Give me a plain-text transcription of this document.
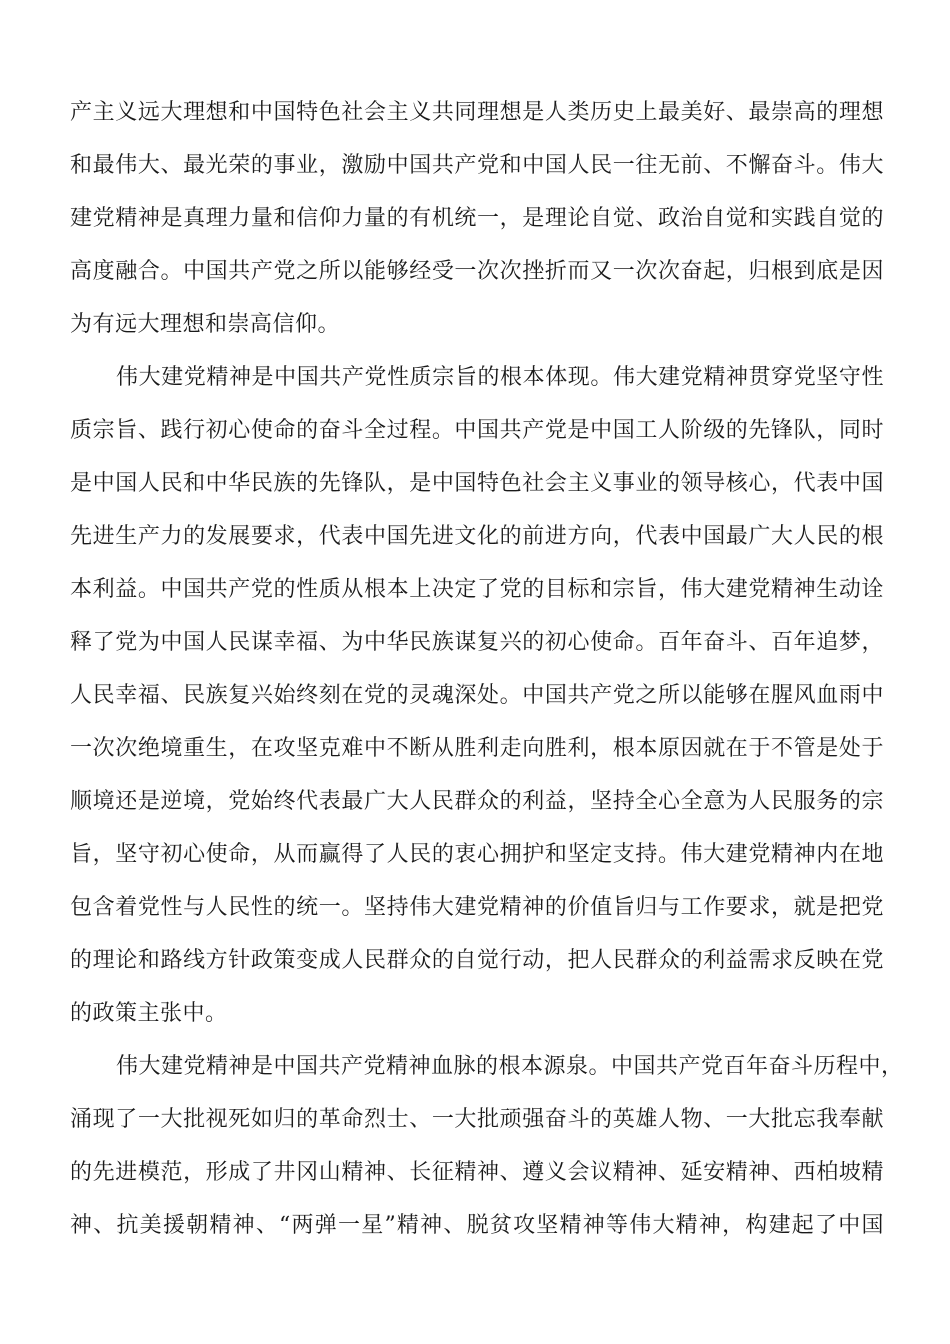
产主义远大理想和中国特色社会主义共同理想是人类历史上最美好、最崇高的理想
和最伟大、最光荣的事业，激励中国共产党和中国人民一往无前、不懈奋斗。伟大
建党精神是真理力量和信仰力量的有机统一，是理论自觉、政治自觉和实践自觉的
高度融合。中国共产党之所以能够经受一次次挫折而又一次次奋起，归根到底是因
为有远大理想和崇高信仰。
伟大建党精神是中国共产党性质宗旨的根本体现。伟大建党精神贯穿党坚守性
质宗旨、践行初心使命的奋斗全过程。中国共产党是中国工人阶级的先锋队，同时
是中国人民和中华民族的先锋队，是中国特色社会主义事业的领导核心，代表中国
先进生产力的发展要求，代表中国先进文化的前进方向，代表中国最广大人民的根
本利益。中国共产党的性质从根本上决定了党的目标和宗旨，伟大建党精神生动诠
释了党为中国人民谋幸福、为中华民族谋复兴的初心使命。百年奋斗、百年追梦，
人民幸福、民族复兴始终刻在党的灵魂深处。中国共产党之所以能够在腥风血雨中
一次次绝境重生，在攻坚克难中不断从胜利走向胜利，根本原因就在于不管是处于
顺境还是逆境，党始终代表最广大人民群众的利益，坚持全心全意为人民服务的宗
旨，坚守初心使命，从而赢得了人民的衷心拥护和坚定支持。伟大建党精神内在地
包含着党性与人民性的统一。坚持伟大建党精神的价值旨归与工作要求，就是把党
的理论和路线方针政策变成人民群众的自觉行动，把人民群众的利益需求反映在党
的政策主张中。
伟大建党精神是中国共产党精神血脉的根本源泉。中国共产党百年奋斗历程中，
涌现了一大批视死如归的革命烈士、一大批顽强奋斗的英雄人物、一大批忘我奉献
的先进模范，形成了井冈山精神、长征精神、遵义会议精神、延安精神、西柏坡精
神、抗美援朝精神、“两弹一星”精神、脱贫攻坚精神等伟大精神，构建起了中国
